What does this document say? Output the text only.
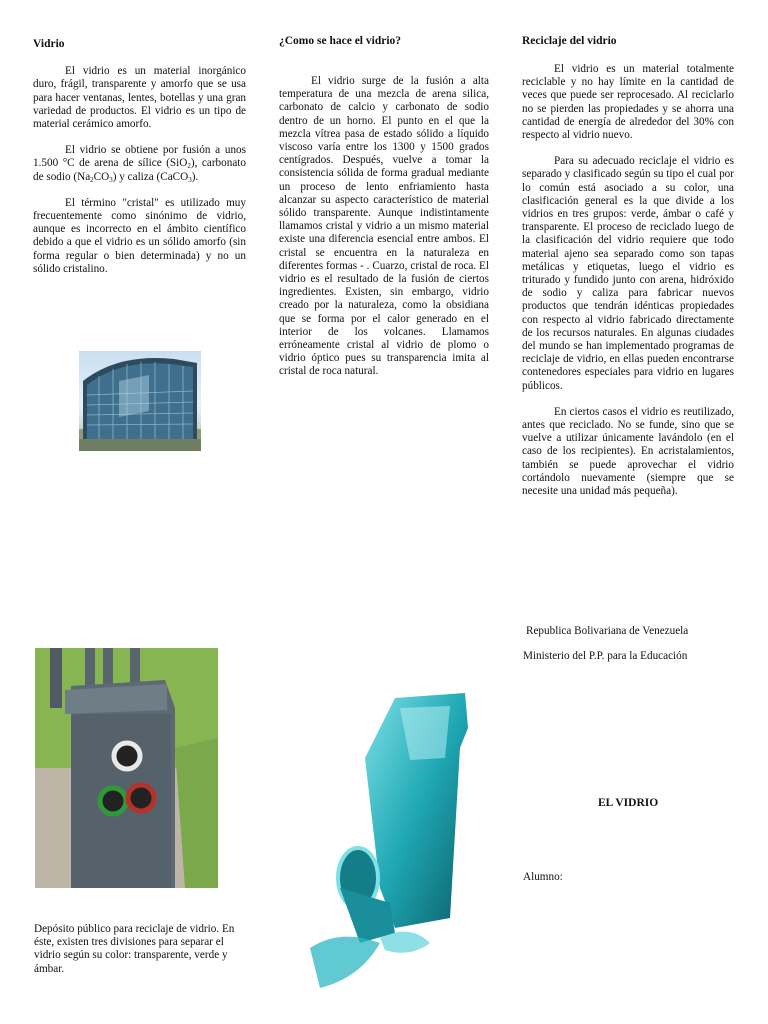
Vidrio

El vidrio es un material inorgánico duro, frágil, transparente y amorfo que se usa para hacer ventanas, lentes, botellas y una gran variedad de productos. El vidrio es un tipo de material cerámico amorfo.

El vidrio se obtiene por fusión a unos 1.500 °C de arena de sílice (SiO$_2$), carbonato de sodio $(Na_2CO_3)$ y caliza (CaCO$_3$).

El término "cristal" es utilizado muy frecuentemente como sinónimo de vidrio, aunque es incorrecto en el ámbito científico debido a que el vidrio es un sólido amorfo (sin forma regular o bien determinada) y no un sólido cristalino.

¿Como se hace el vidrio?

El vidrio surge de la fusión a alta temperatura de una mezcla de arena silica, carbonato de calcio y carbonato de sodio dentro de un horno. El punto en el que la mezcla vítrea pasa de estado sólido a líquido viscoso varía entre los 1300 y 1500 grados centígrados. Después, vuelve a tomar la consistencia sólida de forma gradual mediante un proceso de lento enfriamiento hasta alcanzar su aspecto característico de material sólido transparente. Aunque indistintamente llamamos cristal y vidrio a un mismo material existe una diferencia esencial entre ambos. El cristal se encuentra en la naturaleza en diferentes formas - . Cuarzo, cristal de roca. El vidrio es el resultado de la fusión de ciertos ingredientes. Existen, sin embargo, vidrio creado por la naturaleza, como la obsidiana que se forma por el calor generado en el interior de los volcanes. Llamamos erróneamente cristal al vidrio de plomo o vidrio óptico pues su transparencia imita al cristal de roca natural.

Reciclaje del vidrio

El vidrio es un material totalmente reciclable y no hay límite en la cantidad de veces que puede ser reprocesado. Al reciclarlo no se pierden las propiedades y se ahorra una cantidad de energía de alrededor del 30% con respecto al vidrio nuevo.

Para su adecuado reciclaje el vidrio es separado y clasificado según su tipo el cual por lo común está asociado a su color, una clasificación general es la que divide a los vidrios en tres grupos: verde, ámbar o café y transparente. El proceso de reciclado luego de la clasificación del vidrio requiere que todo material ajeno sea separado como son tapas metálicas y etiquetas, luego el vidrio es triturado y fundido junto con arena, hidróxido de sodio y caliza para fabricar nuevos productos que tendrán idénticas propiedades con respecto al vidrio fabricado directamente de los recursos naturales. En algunas ciudades del mundo se han implementado programas de reciclaje de vidrio, en ellas pueden encontrarse contenedores especiales para vidrio en lugares públicos.

En ciertos casos el vidrio es reutilizado, antes que reciclado. No se funde, sino que se vuelve a utilizar únicamente lavándolo (en el caso de los recipientes). En acristalamientos, también se puede aprovechar el vidrio cortándolo nuevamente (siempre que se necesite una unidad más pequeña).

Depósito público para reciclaje de vidrio. En éste, existen tres divisiones para separar el vidrio según su color: transparente, verde y ámbar.

Republica Bolivariana de Venezuela

Ministerio del P.P. para la Educación

EL VIDRIO

Alumno:
